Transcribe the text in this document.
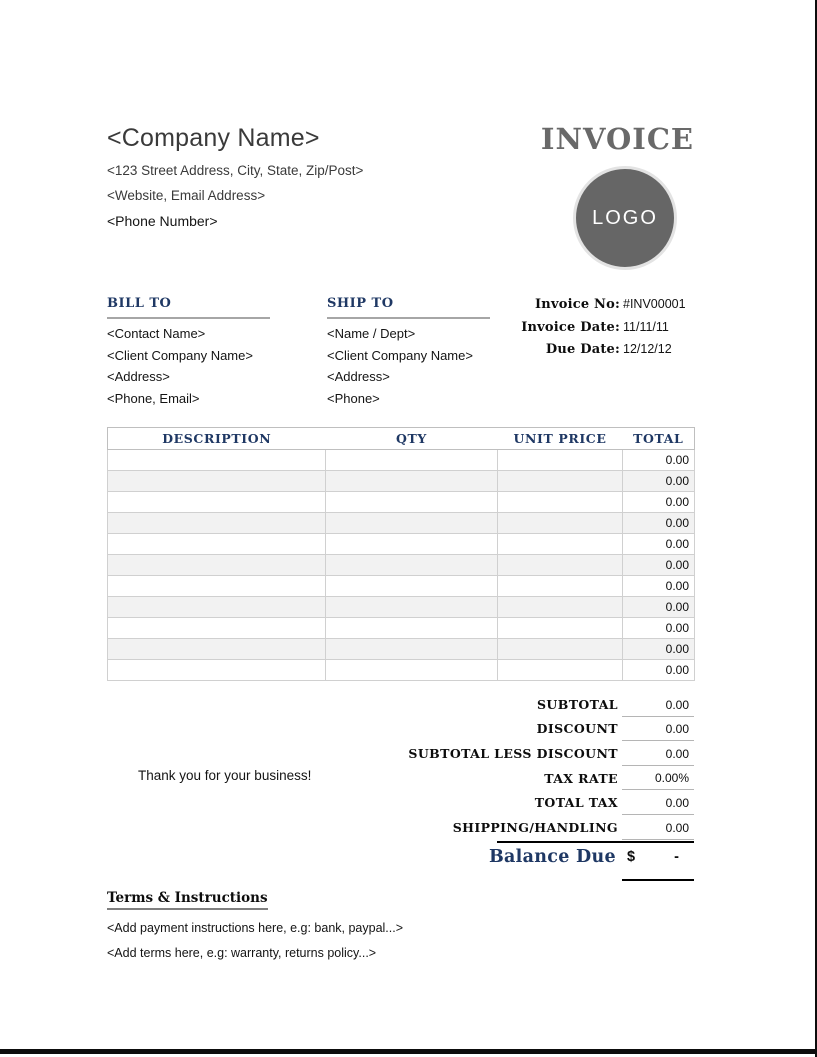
<Company Name>
<123 Street Address, City, State, Zip/Post>
<Website, Email Address>
<Phone Number>
INVOICE
LOGO
BILL TO
<Contact Name>
<Client Company Name>
<Address>
<Phone, Email>
SHIP TO
<Name / Dept>
<Client Company Name>
<Address>
<Phone>
Invoice No: #INV00001
Invoice Date: 11/11/11
Due Date: 12/12/12
DESCRIPTION	QTY	UNIT PRICE	TOTAL
			0.00
			0.00
			0.00
			0.00
			0.00
			0.00
			0.00
			0.00
			0.00
			0.00
			0.00
SUBTOTAL	0.00
DISCOUNT	0.00
SUBTOTAL LESS DISCOUNT	0.00
TAX RATE	0.00%
TOTAL TAX	0.00
SHIPPING/HANDLING	0.00
Balance Due $	-
Thank you for your business!
Terms & Instructions
<Add payment instructions here, e.g: bank, paypal...>
<Add terms here, e.g: warranty, returns policy...>
